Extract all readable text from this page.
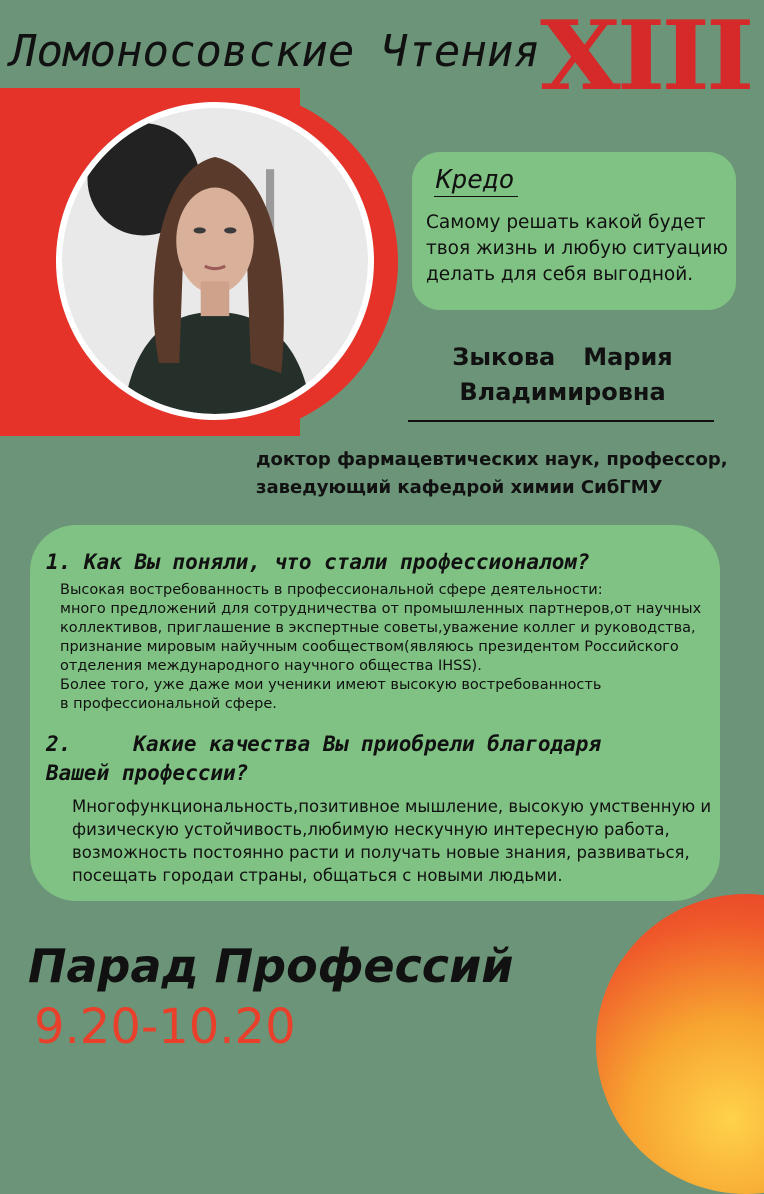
XIII
Ломоносовские Чтения
Кредо
Самому решать какой будет
твоя жизнь и любую ситуацию
делать для себя выгодной.
Зыкова Мария
Владимировна
доктор фармацевтических наук, профессор,
заведующий кафедрой химии СибГМУ
1. Как Вы поняли, что стали профессионалом?
Высокая востребованность в профессиональной сфере деятельности:
много предложений для сотрудничества от промышленных партнеров,от научных
коллективов, приглашение в экспертные советы,уважение коллег и руководства,
признание мировым найучным сообществом(являюсь президентом Российского
отделения международного научного общества IHSS).
Более того, уже даже мои ученики имеют высокую востребованность
в профессиональной сфере.
2.	Какие качества Вы приобрели благодаря
Вашей профессии?
Многофункциональность,позитивное мышление, высокую умственную и
физическую устойчивость,любимую нескучную интересную работа,
возможность постоянно расти и получать новые знания, развиваться,
посещать городаи страны, общаться с новыми людьми.
Парад Профессий
9.20-10.20
